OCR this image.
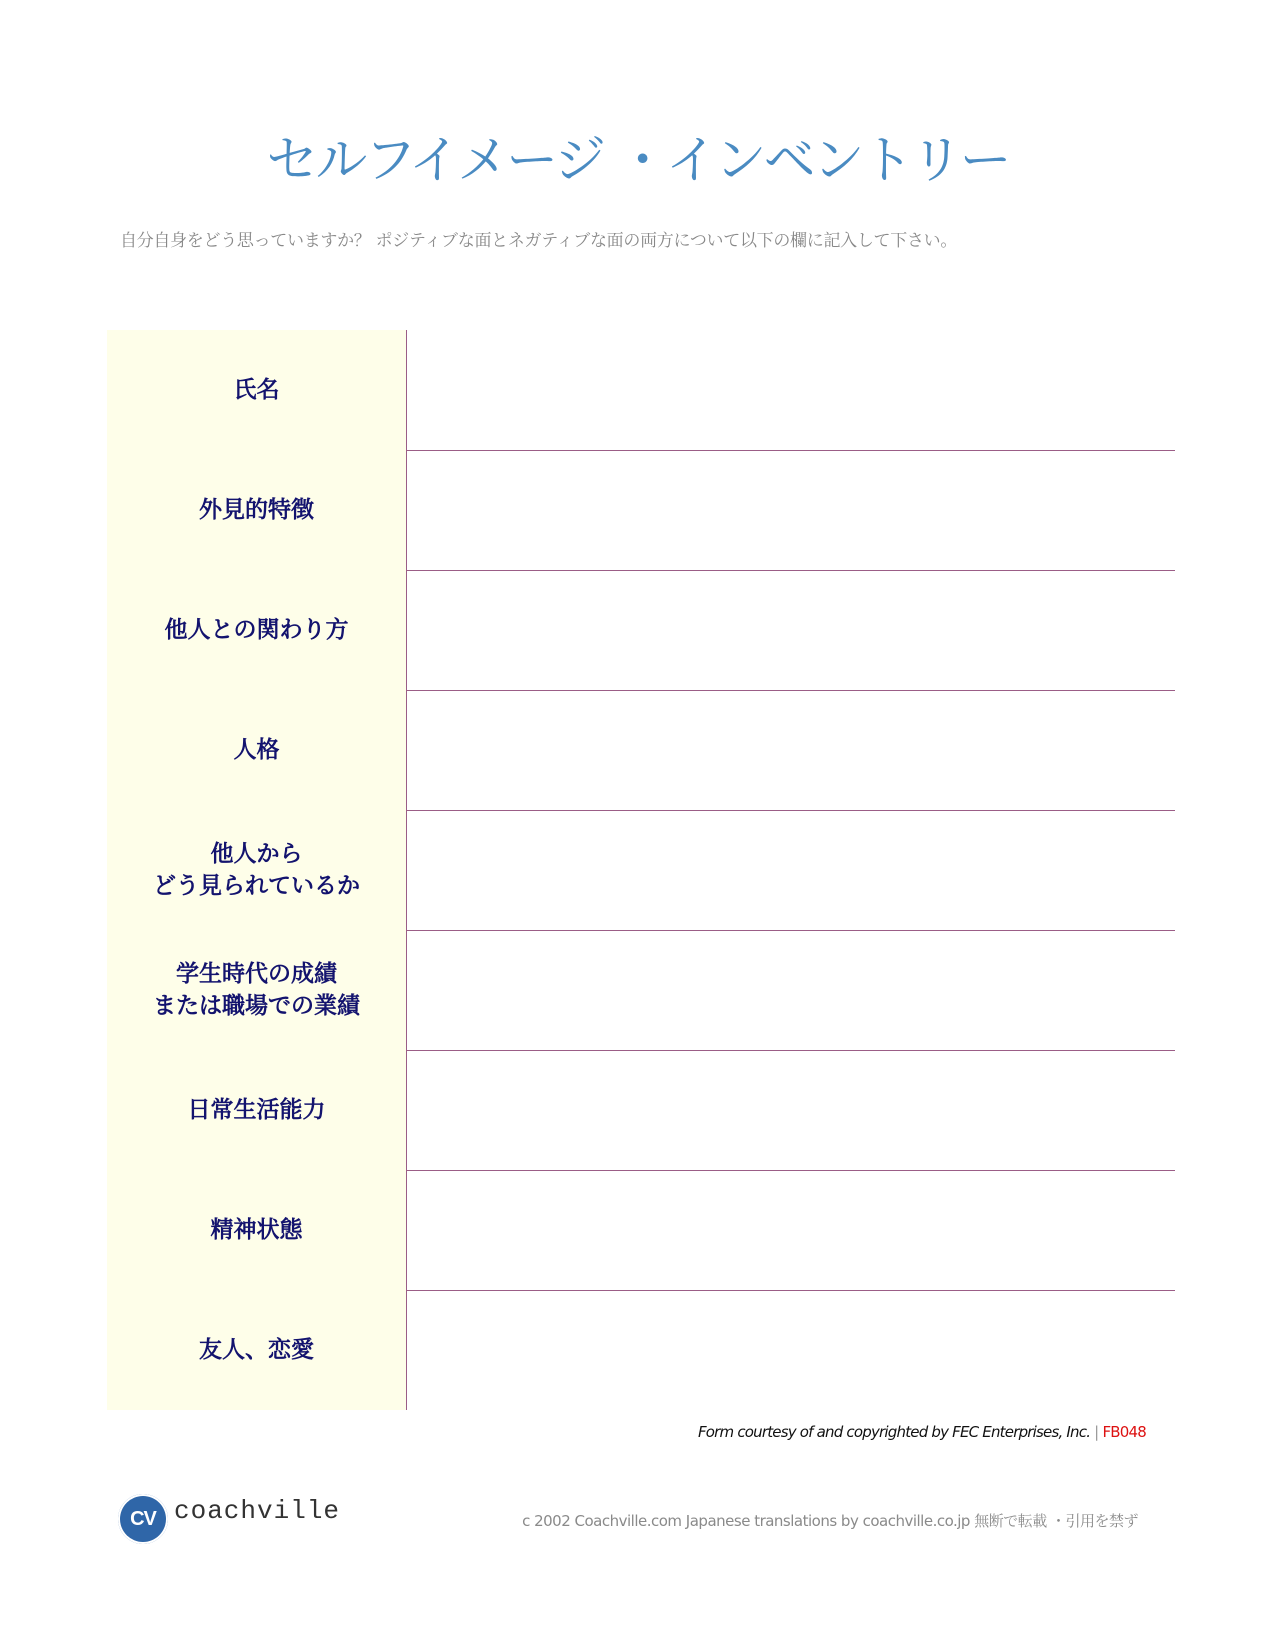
セルフイメージ ・インベントリー
自分自身をどう思っていますか？ ポジティブな面とネガティブな面の両方について以下の欄に記入して下さい。
氏名
外見的特徴
他人との関わり方
人格
他人から
どう見られているか
学生時代の成績
または職場での業績
日常生活能力
精神状態
友人、恋愛
Form courtesy of and copyrighted by FEC Enterprises, Inc. | FB048
CV coachville	c 2002 Coachville.com Japanese translations by coachville.co.jp 無断で転載 ・引用を禁ず
